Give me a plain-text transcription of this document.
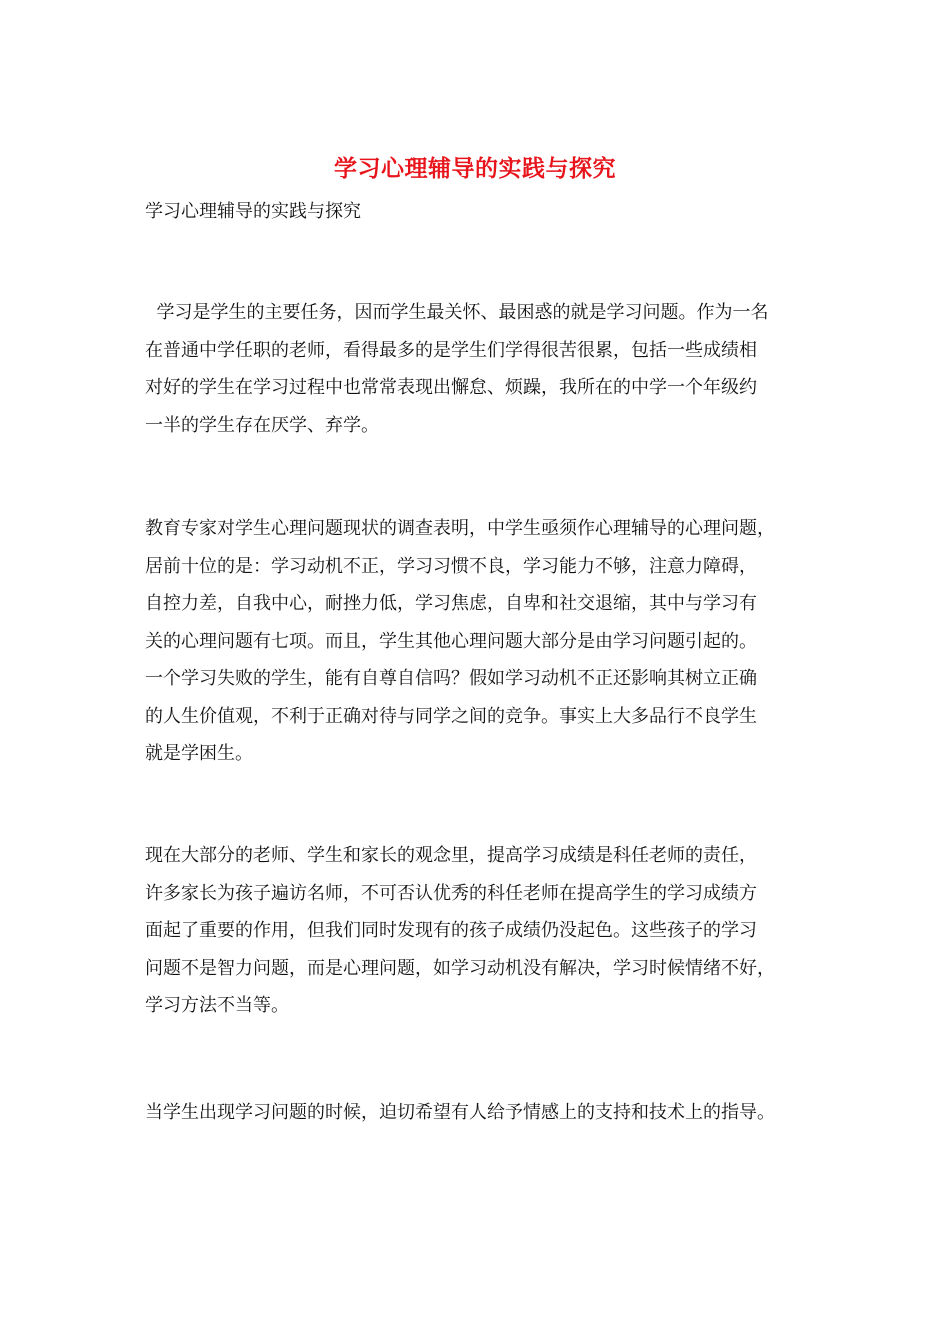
学习心理辅导的实践与探究
学习心理辅导的实践与探究
学习是学生的主要任务，因而学生最关怀、最困惑的就是学习问题。作为一名
在普通中学任职的老师，看得最多的是学生们学得很苦很累，包括一些成绩相
对好的学生在学习过程中也常常表现出懈怠、烦躁，我所在的中学一个年级约
一半的学生存在厌学、弃学。
教育专家对学生心理问题现状的调查表明，中学生亟须作心理辅导的心理问题，
居前十位的是：学习动机不正，学习习惯不良，学习能力不够，注意力障碍，
自控力差，自我中心，耐挫力低，学习焦虑，自卑和社交退缩，其中与学习有
关的心理问题有七项。而且，学生其他心理问题大部分是由学习问题引起的。
一个学习失败的学生，能有自尊自信吗？假如学习动机不正还影响其树立正确
的人生价值观，不利于正确对待与同学之间的竞争。事实上大多品行不良学生
就是学困生。
现在大部分的老师、学生和家长的观念里，提高学习成绩是科任老师的责任，
许多家长为孩子遍访名师，不可否认优秀的科任老师在提高学生的学习成绩方
面起了重要的作用，但我们同时发现有的孩子成绩仍没起色。这些孩子的学习
问题不是智力问题，而是心理问题，如学习动机没有解决，学习时候情绪不好，
学习方法不当等。
当学生出现学习问题的时候，迫切希望有人给予情感上的支持和技术上的指导。
